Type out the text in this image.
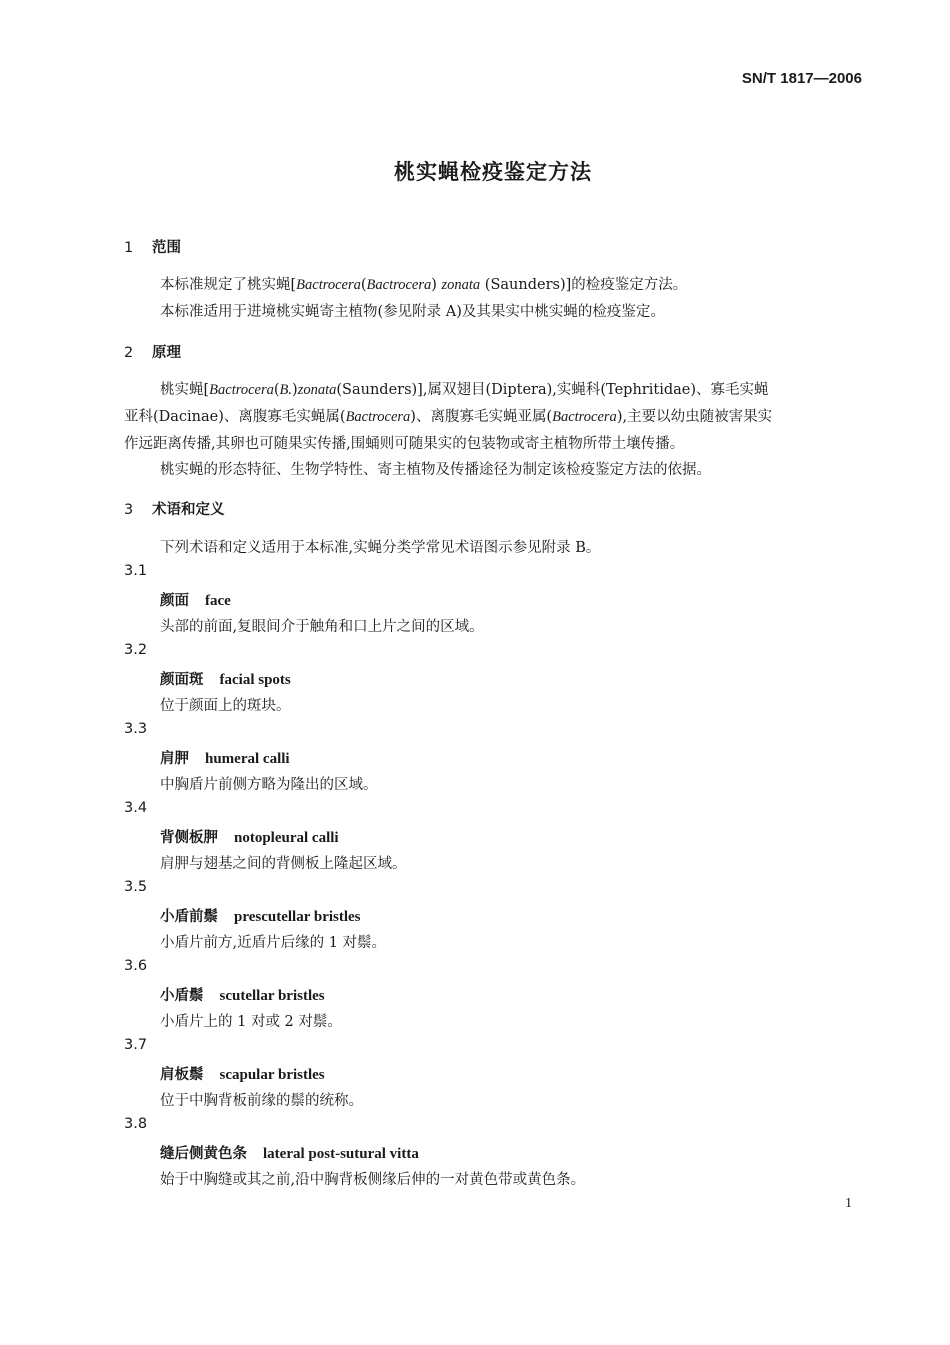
SN/T 1817—2006
桃实蝇检疫鉴定方法
1 范围
本标准规定了桃实蝇[Bactrocera(Bactrocera) zonata (Saunders)]的检疫鉴定方法。
本标准适用于进境桃实蝇寄主植物(参见附录 A)及其果实中桃实蝇的检疫鉴定。
2 原理
桃实蝇[Bactrocera(B.)zonata(Saunders)],属双翅目(Diptera),实蝇科(Tephritidae)、寡毛实蝇
亚科(Dacinae)、离腹寡毛实蝇属(Bactrocera)、离腹寡毛实蝇亚属(Bactrocera),主要以幼虫随被害果实
作远距离传播,其卵也可随果实传播,围蛹则可随果实的包装物或寄主植物所带土壤传播。
桃实蝇的形态特征、生物学特性、寄主植物及传播途径为制定该检疫鉴定方法的依据。
3 术语和定义
下列术语和定义适用于本标准,实蝇分类学常见术语图示参见附录 B。
3.1
颜面 face
头部的前面,复眼间介于触角和口上片之间的区域。
3.2
颜面斑 facial spots
位于颜面上的斑块。
3.3
肩胛 humeral calli
中胸盾片前侧方略为隆出的区域。
3.4
背侧板胛 notopleural calli
肩胛与翅基之间的背侧板上隆起区域。
3.5
小盾前鬃 prescutellar bristles
小盾片前方,近盾片后缘的 1 对鬃。
3.6
小盾鬃 scutellar bristles
小盾片上的 1 对或 2 对鬃。
3.7
肩板鬃 scapular bristles
位于中胸背板前缘的鬃的统称。
3.8
缝后侧黄色条 lateral post-sutural vitta
始于中胸缝或其之前,沿中胸背板侧缘后伸的一对黄色带或黄色条。
1
